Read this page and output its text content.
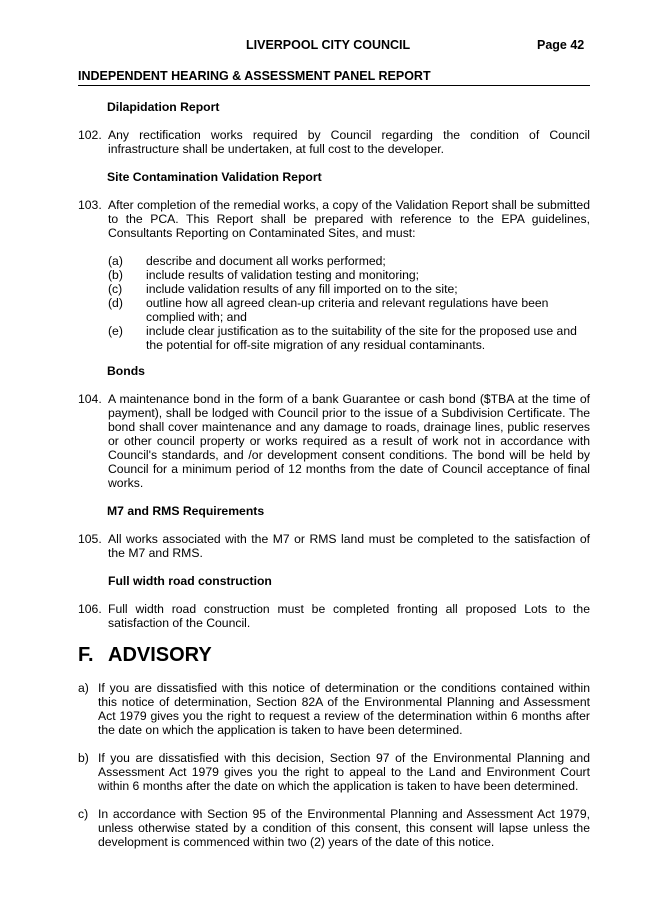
LIVERPOOL CITY COUNCIL	Page 42
INDEPENDENT HEARING & ASSESSMENT PANEL REPORT
Dilapidation Report
102. Any rectification works required by Council regarding the condition of Council infrastructure shall be undertaken, at full cost to the developer.
Site Contamination Validation Report
103. After completion of the remedial works, a copy of the Validation Report shall be submitted to the PCA. This Report shall be prepared with reference to the EPA guidelines, Consultants Reporting on Contaminated Sites, and must:
(a)	describe and document all works performed;
(b)	include results of validation testing and monitoring;
(c)	include validation results of any fill imported on to the site;
(d)	outline how all agreed clean-up criteria and relevant regulations have been complied with; and
(e)	include clear justification as to the suitability of the site for the proposed use and the potential for off-site migration of any residual contaminants.
Bonds
104. A maintenance bond in the form of a bank Guarantee or cash bond ($TBA at the time of payment), shall be lodged with Council prior to the issue of a Subdivision Certificate. The bond shall cover maintenance and any damage to roads, drainage lines, public reserves or other council property or works required as a result of work not in accordance with Council's standards, and /or development consent conditions. The bond will be held by Council for a minimum period of 12 months from the date of Council acceptance of final works.
M7 and RMS Requirements
105. All works associated with the M7 or RMS land must be completed to the satisfaction of the M7 and RMS.
Full width road construction
106. Full width road construction must be completed fronting all proposed Lots to the satisfaction of the Council.
F. ADVISORY
a) If you are dissatisfied with this notice of determination or the conditions contained within this notice of determination, Section 82A of the Environmental Planning and Assessment Act 1979 gives you the right to request a review of the determination within 6 months after the date on which the application is taken to have been determined.
b) If you are dissatisfied with this decision, Section 97 of the Environmental Planning and Assessment Act 1979 gives you the right to appeal to the Land and Environment Court within 6 months after the date on which the application is taken to have been determined.
c) In accordance with Section 95 of the Environmental Planning and Assessment Act 1979, unless otherwise stated by a condition of this consent, this consent will lapse unless the development is commenced within two (2) years of the date of this notice.
